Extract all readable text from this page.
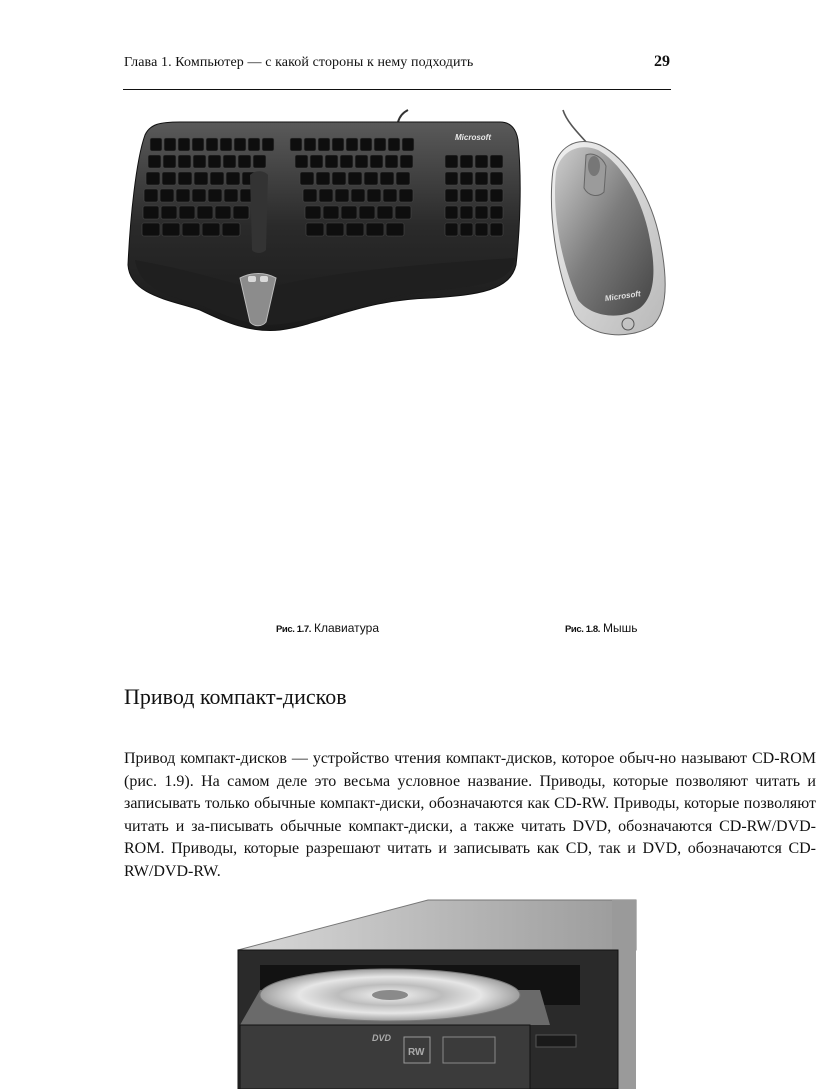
Глава 1. Компьютер — с какой стороны к нему подходить	29
Microsoft
Microsoft
Рис. 1.7. Клавиатура	Рис. 1.8. Мышь
Привод компакт-дисков
Привод компакт-дисков — устройство чтения компакт-дисков, которое обыч-но называют CD-ROM (рис. 1.9). На самом деле это весьма условное название. Приводы, которые позволяют читать и записывать только обычные компакт-диски, обозначаются как CD-RW. Приводы, которые позволяют читать и за-писывать обычные компакт-диски, а также читать DVD, обозначаются CD-RW/DVD-ROM. Приводы, которые разрешают читать и записывать как CD, так и DVD, обозначаются CD-RW/DVD-RW.
DVD
RW
